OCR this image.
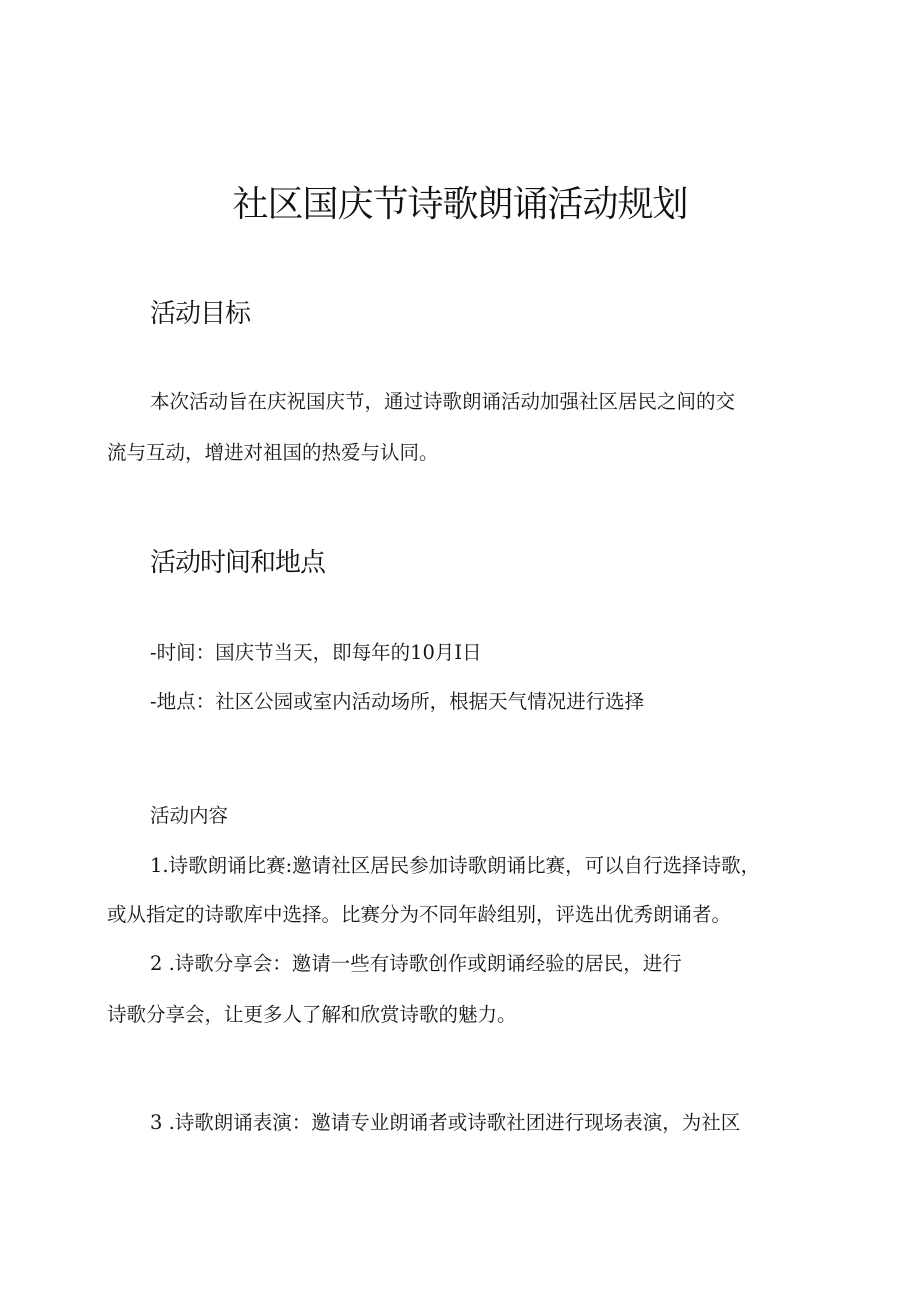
社区国庆节诗歌朗诵活动规划
活动目标
本次活动旨在庆祝国庆节，通过诗歌朗诵活动加强社区居民之间的交
流与互动，增进对祖国的热爱与认同。
活动时间和地点
-时间：国庆节当天，即每年的10月I日
-地点：社区公园或室内活动场所，根据天气情况进行选择
活动内容
1.诗歌朗诵比赛:邀请社区居民参加诗歌朗诵比赛，可以自行选择诗歌，
或从指定的诗歌库中选择。比赛分为不同年龄组别，评选出优秀朗诵者。
2 .诗歌分享会：邀请一些有诗歌创作或朗诵经验的居民，进行
诗歌分享会，让更多人了解和欣赏诗歌的魅力。
3 .诗歌朗诵表演：邀请专业朗诵者或诗歌社团进行现场表演，为社区
